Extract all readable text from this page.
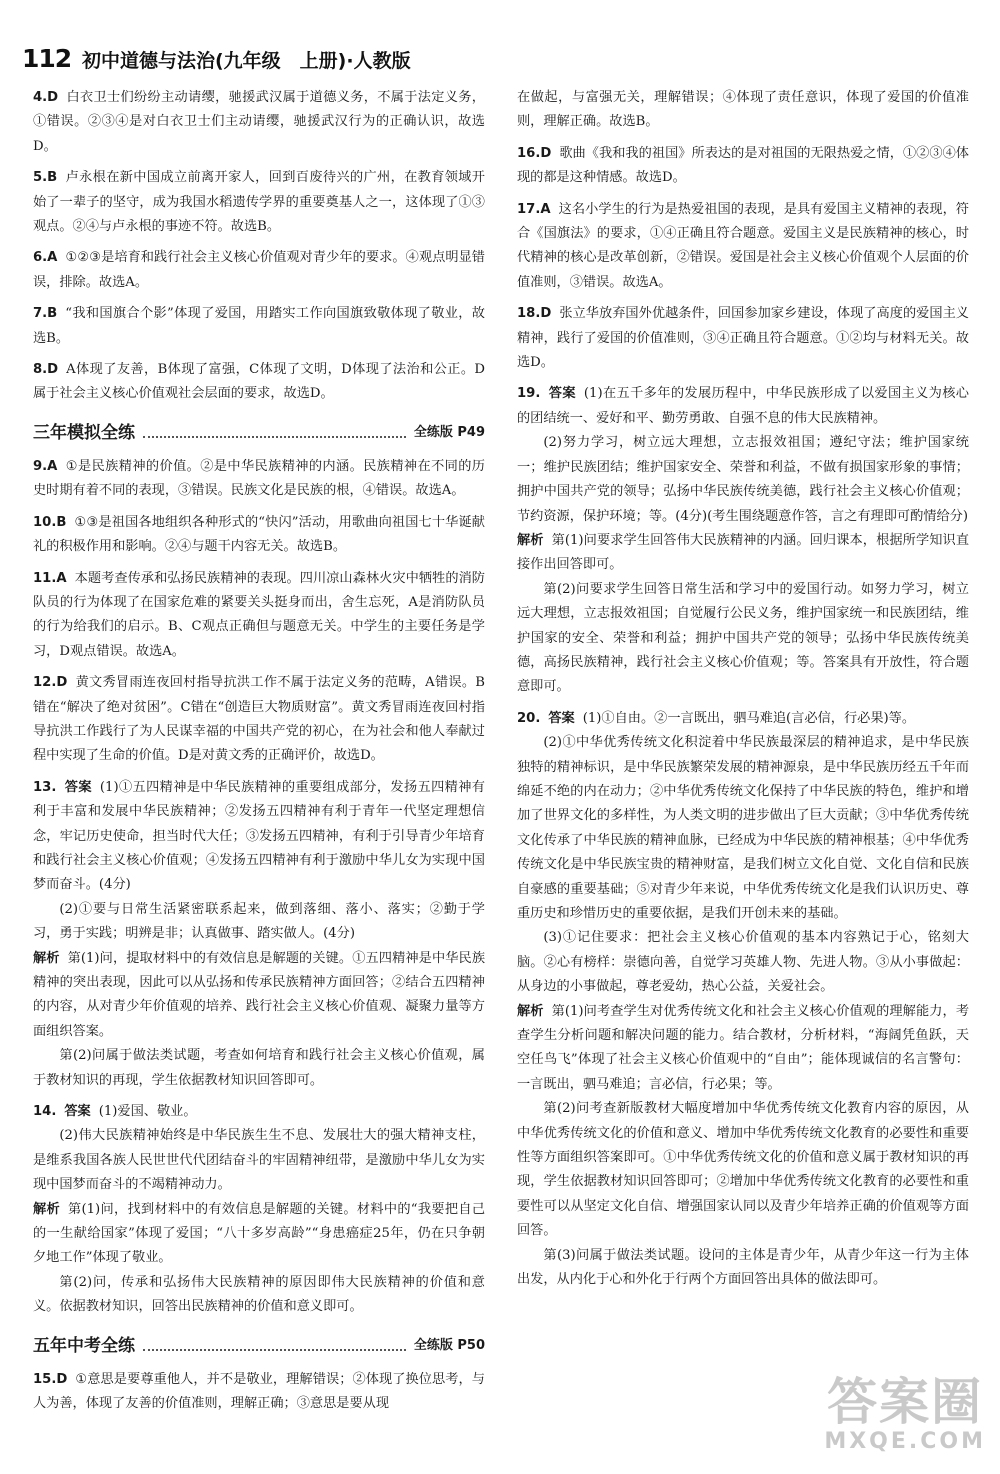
112 初中道德与法治(九年级　上册)·人教版
4.D 白衣卫士们纷纷主动请缨，驰援武汉属于道德义务，不属于法定义务，①错误。②③④是对白衣卫士们主动请缨，驰援武汉行为的正确认识，故选D。
5.B 卢永根在新中国成立前离开家人，回到百废待兴的广州，在教育领域开始了一辈子的坚守，成为我国水稻遗传学界的重要奠基人之一，这体现了①③观点。②④与卢永根的事迹不符。故选B。
6.A ①②③是培育和践行社会主义核心价值观对青少年的要求。④观点明显错误，排除。故选A。
7.B “我和国旗合个影”体现了爱国，用踏实工作向国旗致敬体现了敬业，故选B。
8.D A体现了友善，B体现了富强，C体现了文明，D体现了法治和公正。D属于社会主义核心价值观社会层面的要求，故选D。
三年模拟全练	全练版 P49
9.A ①是民族精神的价值。②是中华民族精神的内涵。民族精神在不同的历史时期有着不同的表现，③错误。民族文化是民族的根，④错误。故选A。
10.B ①③是祖国各地组织各种形式的“快闪”活动，用歌曲向祖国七十华诞献礼的积极作用和影响。②④与题干内容无关。故选B。
11.A 本题考查传承和弘扬民族精神的表现。四川凉山森林火灾中牺牲的消防队员的行为体现了在国家危难的紧要关头挺身而出，舍生忘死，A是消防队员的行为给我们的启示。B、C观点正确但与题意无关。中学生的主要任务是学习，D观点错误。故选A。
12.D 黄文秀冒雨连夜回村指导抗洪工作不属于法定义务的范畴，A错误。B错在“解决了绝对贫困”。C错在“创造巨大物质财富”。黄文秀冒雨连夜回村指导抗洪工作践行了为人民谋幸福的中国共产党的初心，在为社会和他人奉献过程中实现了生命的价值。D是对黄文秀的正确评价，故选D。
13. 答案 (1)①五四精神是中华民族精神的重要组成部分，发扬五四精神有利于丰富和发展中华民族精神；②发扬五四精神有利于青年一代坚定理想信念，牢记历史使命，担当时代大任；③发扬五四精神，有利于引导青少年培育和践行社会主义核心价值观；④发扬五四精神有利于激励中华儿女为实现中国梦而奋斗。(4分)

(2)①要与日常生活紧密联系起来，做到落细、落小、落实；②勤于学习，勇于实践；明辨是非；认真做事、踏实做人。(4分)

解析 第(1)问，提取材料中的有效信息是解题的关键。①五四精神是中华民族精神的突出表现，因此可以从弘扬和传承民族精神方面回答；②结合五四精神的内容，从对青少年价值观的培养、践行社会主义核心价值观、凝聚力量等方面组织答案。

第(2)问属于做法类试题，考查如何培育和践行社会主义核心价值观，属于教材知识的再现，学生依据教材知识回答即可。

14. 答案 (1)爱国、敬业。

(2)伟大民族精神始终是中华民族生生不息、发展壮大的强大精神支柱，是维系我国各族人民世世代代团结奋斗的牢固精神纽带，是激励中华儿女为实现中国梦而奋斗的不竭精神动力。

解析 第(1)问，找到材料中的有效信息是解题的关键。材料中的“我要把自己的一生献给国家”体现了爱国；“八十多岁高龄”“身患癌症25年，仍在只争朝夕地工作”体现了敬业。

第(2)问，传承和弘扬伟大民族精神的原因即伟大民族精神的价值和意义。依据教材知识，回答出民族精神的价值和意义即可。

五年中考全练	全练版 P50
15.D ①意思是要尊重他人，并不是敬业，理解错误；②体现了换位思考，与人为善，体现了友善的价值准则，理解正确；③意思是要从现

在做起，与富强无关，理解错误；④体现了责任意识，体现了爱国的价值准则，理解正确。故选B。

16.D 歌曲《我和我的祖国》所表达的是对祖国的无限热爱之情，①②③④体现的都是这种情感。故选D。
17.A 这名小学生的行为是热爱祖国的表现，是具有爱国主义精神的表现，符合《国旗法》的要求，①④正确且符合题意。爱国主义是民族精神的核心，时代精神的核心是改革创新，②错误。爱国是社会主义核心价值观个人层面的价值准则，③错误。故选A。
18.D 张立华放弃国外优越条件，回国参加家乡建设，体现了高度的爱国主义精神，践行了爱国的价值准则，③④正确且符合题意。①②均与材料无关。故选D。
19. 答案 (1)在五千多年的发展历程中，中华民族形成了以爱国主义为核心的团结统一、爱好和平、勤劳勇敢、自强不息的伟大民族精神。

(2)努力学习，树立远大理想，立志报效祖国；遵纪守法；维护国家统一；维护民族团结；维护国家安全、荣誉和利益，不做有损国家形象的事情；拥护中国共产党的领导；弘扬中华民族传统美德，践行社会主义核心价值观；节约资源，保护环境；等。(4分)(考生围绕题意作答，言之有理即可酌情给分)

解析 第(1)问要求学生回答伟大民族精神的内涵。回归课本，根据所学知识直接作出回答即可。

第(2)问要求学生回答日常生活和学习中的爱国行动。如努力学习，树立远大理想，立志报效祖国；自觉履行公民义务，维护国家统一和民族团结，维护国家的安全、荣誉和利益；拥护中国共产党的领导；弘扬中华民族传统美德，高扬民族精神，践行社会主义核心价值观；等。答案具有开放性，符合题意即可。

20. 答案 (1)①自由。②一言既出，驷马难追(言必信，行必果)等。

(2)①中华优秀传统文化积淀着中华民族最深层的精神追求，是中华民族独特的精神标识，是中华民族繁荣发展的精神源泉，是中华民族历经五千年而绵延不绝的内在动力；②中华优秀传统文化保持了中华民族的特色，维护和增加了世界文化的多样性，为人类文明的进步做出了巨大贡献；③中华优秀传统文化传承了中华民族的精神血脉，已经成为中华民族的精神根基；④中华优秀传统文化是中华民族宝贵的精神财富，是我们树立文化自觉、文化自信和民族自豪感的重要基础；⑤对青少年来说，中华优秀传统文化是我们认识历史、尊重历史和珍惜历史的重要依据，是我们开创未来的基础。

(3)①记住要求：把社会主义核心价值观的基本内容熟记于心，铭刻大脑。②心有榜样：崇德向善，自觉学习英雄人物、先进人物。③从小事做起：从身边的小事做起，尊老爱幼，热心公益，关爱社会。

解析 第(1)问考查学生对优秀传统文化和社会主义核心价值观的理解能力，考查学生分析问题和解决问题的能力。结合教材，分析材料，“海阔凭鱼跃，天空任鸟飞”体现了社会主义核心价值观中的“自由”；能体现诚信的名言警句：一言既出，驷马难追；言必信，行必果；等。

第(2)问考查新版教材大幅度增加中华优秀传统文化教育内容的原因，从中华优秀传统文化的价值和意义、增加中华优秀传统文化教育的必要性和重要性等方面组织答案即可。①中华优秀传统文化的价值和意义属于教材知识的再现，学生依据教材知识回答即可；②增加中华优秀传统文化教育的必要性和重要性可以从坚定文化自信、增强国家认同以及青少年培养正确的价值观等方面回答。

第(3)问属于做法类试题。设问的主体是青少年，从青少年这一行为主体出发，从内化于心和外化于行两个方面回答出具体的做法即可。

答案圈
MXQE.COM
